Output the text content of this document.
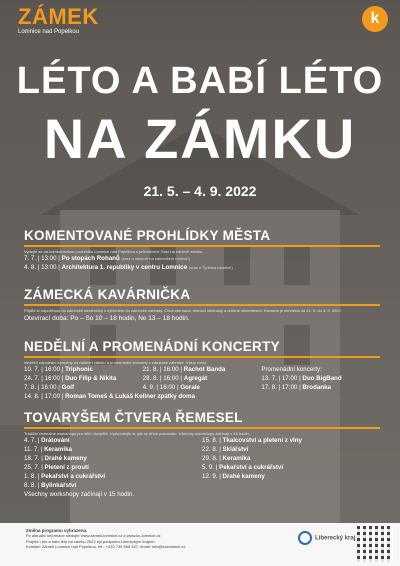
ZÁMEK
Lomnice nad Popelkou
k
LÉTO A BABÍ LÉTO
NA ZÁMKU
21. 5. – 4. 9. 2022
KOMENTOVANÉ PROHLÍDKY MĚSTA
Vydejte se na komentovanou prohlídku Lomnice nad Popelkou s průvodcem. Sraz na nádvoří zámku.
7. 7. | 13:00 | Po stopách Rohanů (sraz u nádvoří na zámeckém nádvoří)
4. 8. | 13:00 | Architektura 1. republiky v centru Lomnice (sraz u Tyršova náměstí)
ZÁMECKÁ KAVÁRNIČKA
Přijďte si odpočinout do zámecké kavárničky s výhledem do zámecké zahrady. Čeká vás káva, domácí limonády a drobné občerstvení. Kavárna je otevřena od 21. 5. do 4. 9. 2022.
Otevírací doba: Po – So 10 – 18 hodin, Ne 13 – 18 hodin.
NEDĚLNÍ A PROMENÁDNÍ KONCERTY
Nedělní odpolední koncerty na nádvoří zámku a promenádní koncerty v zámecké zahradě. Vstup volný.
10. 7. | 16:00 | Triphonic
24. 7. | 16:00 | Duo Filip & Nikita
7. 8. | 16:00 | Golf
21. 8. | 16:00 | Rachot Banda
28. 8. | 16:00 | Agregát
4. 9. | 16:00 | Gorale
Promenádní koncerty:
13. 7. | 17:00 | Duo BigBand
17. 8. | 17:00 | Brodanka
14. 8. | 17:00 | Roman Tomeš & Lukáš Kellner zpátky doma
TOVARYŠEM ČTVERA ŘEMESEL
Tradiční řemeslné workshopy pro děti i dospělé. Vyzkoušejte si, jak se dříve pracovalo. Všechny workshopy začínají v 15 hodin.
4. 7. | Drátování
11. 7. | Keramika
18. 7. | Drahé kameny
25. 7. | Pletení z proutí
1. 8. | Pekařství a cukrářství
8. 8. | Bylinkářství
15. 8. | Tkalcovství a pletení z vlny
22. 8. | Sklářství
29. 8. | Keramika
5. 9. | Pekařství a cukrářství
12. 9. | Drahé kameny
Všechny workshopy začínají v 15 hodin.
Změna programu vyhrazena.
Po aktuální informace sledujte www.zamek-lomnice.cz a www.kc-lomnice.cz
Projekt Léto a babí léto na zámku 2022 byl podpořen Libereckým krajem.
Kontakt: Zámek Lomnice nad Popelkou, tel.: +420 739 568 347, email: info@kclomnice.cz
Liberecký kraj
